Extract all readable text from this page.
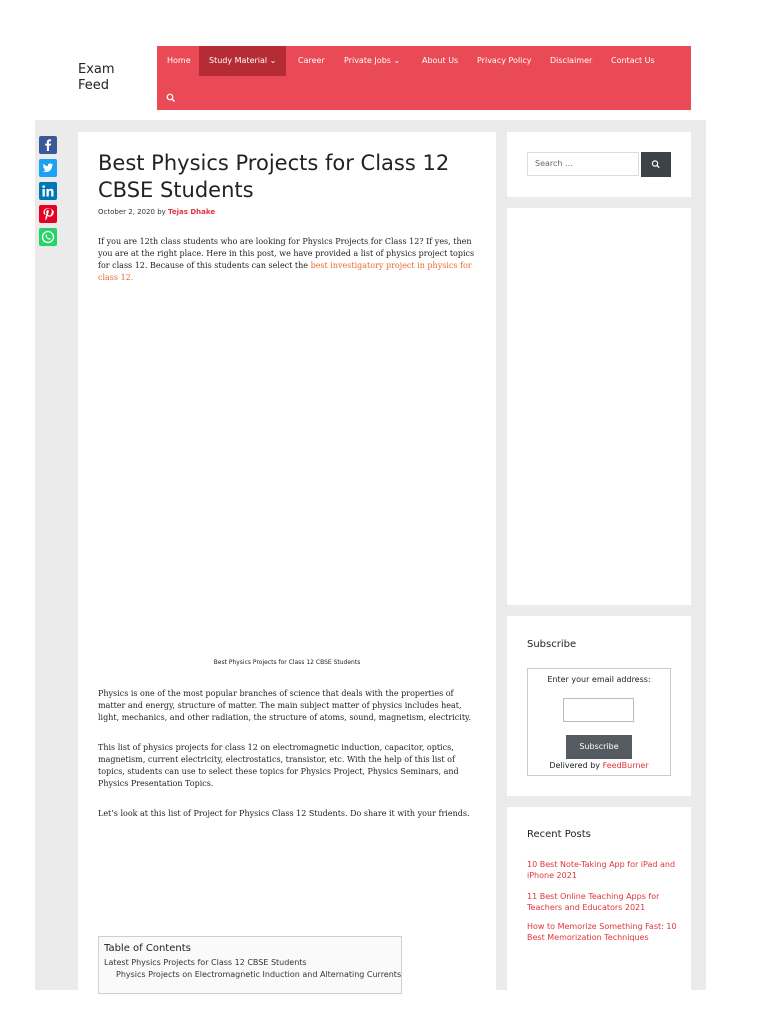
Exam Feed
Home	Study Material ⌄	Career	Private Jobs ⌄	About Us	Privacy Policy	Disclaimer	Contact Us
Best Physics Projects for Class 12 CBSE Students
October 2, 2020 by Tejas Dhake

If you are 12th class students who are looking for Physics Projects for Class 12? If yes, then you are at the right place. Here in this post, we have provided a list of physics project topics for class 12. Because of this students can select the best investigatory project in physics for class 12.

Best Physics Projects for Class 12 CBSE Students

Physics is one of the most popular branches of science that deals with the properties of matter and energy, structure of matter. The main subject matter of physics includes heat, light, mechanics, and other radiation, the structure of atoms, sound, magnetism, electricity.

This list of physics projects for class 12 on electromagnetic induction, capacitor, optics, magnetism, current electricity, electrostatics, transistor, etc. With the help of this list of topics, students can use to select these topics for Physics Project, Physics Seminars, and Physics Presentation Topics.

Let’s look at this list of Project for Physics Class 12 Students. Do share it with your friends.

Table of Contents
Latest Physics Projects for Class 12 CBSE Students
Physics Projects on Electromagnetic Induction and Alternating Currents
Search …
Subscribe
Enter your email address:
Subscribe
Delivered by FeedBurner
Recent Posts
10 Best Note-Taking App for iPad and iPhone 2021
11 Best Online Teaching Apps for Teachers and Educators 2021
How to Memorize Something Fast: 10 Best Memorization Techniques
